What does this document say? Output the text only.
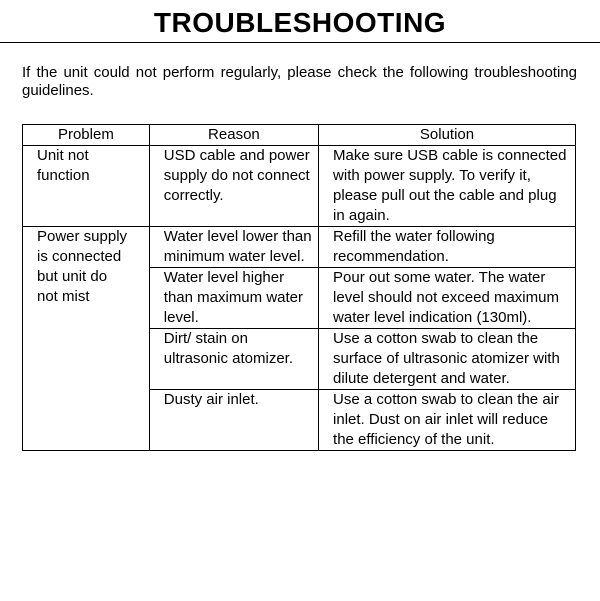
TROUBLESHOOTING

If the unit could not perform regularly, please check the following troubleshooting guidelines.

Problem	Reason	Solution
Unit not function	USD cable and power supply do not connect correctly.	Make sure USB cable is connected with power supply. To verify it, please pull out the cable and plug in again.
Power supply is connected but unit do not mist	Water level lower than minimum water level.	Refill the water following recommendation.
	Water level higher than maximum water level.	Pour out some water. The water level should not exceed maximum water level indication (130ml).
	Dirt/ stain on ultrasonic atomizer.	Use a cotton swab to clean the surface of ultrasonic atomizer with dilute detergent and water.
	Dusty air inlet.	Use a cotton swab to clean the air inlet. Dust on air inlet will reduce the efficiency of the unit.
